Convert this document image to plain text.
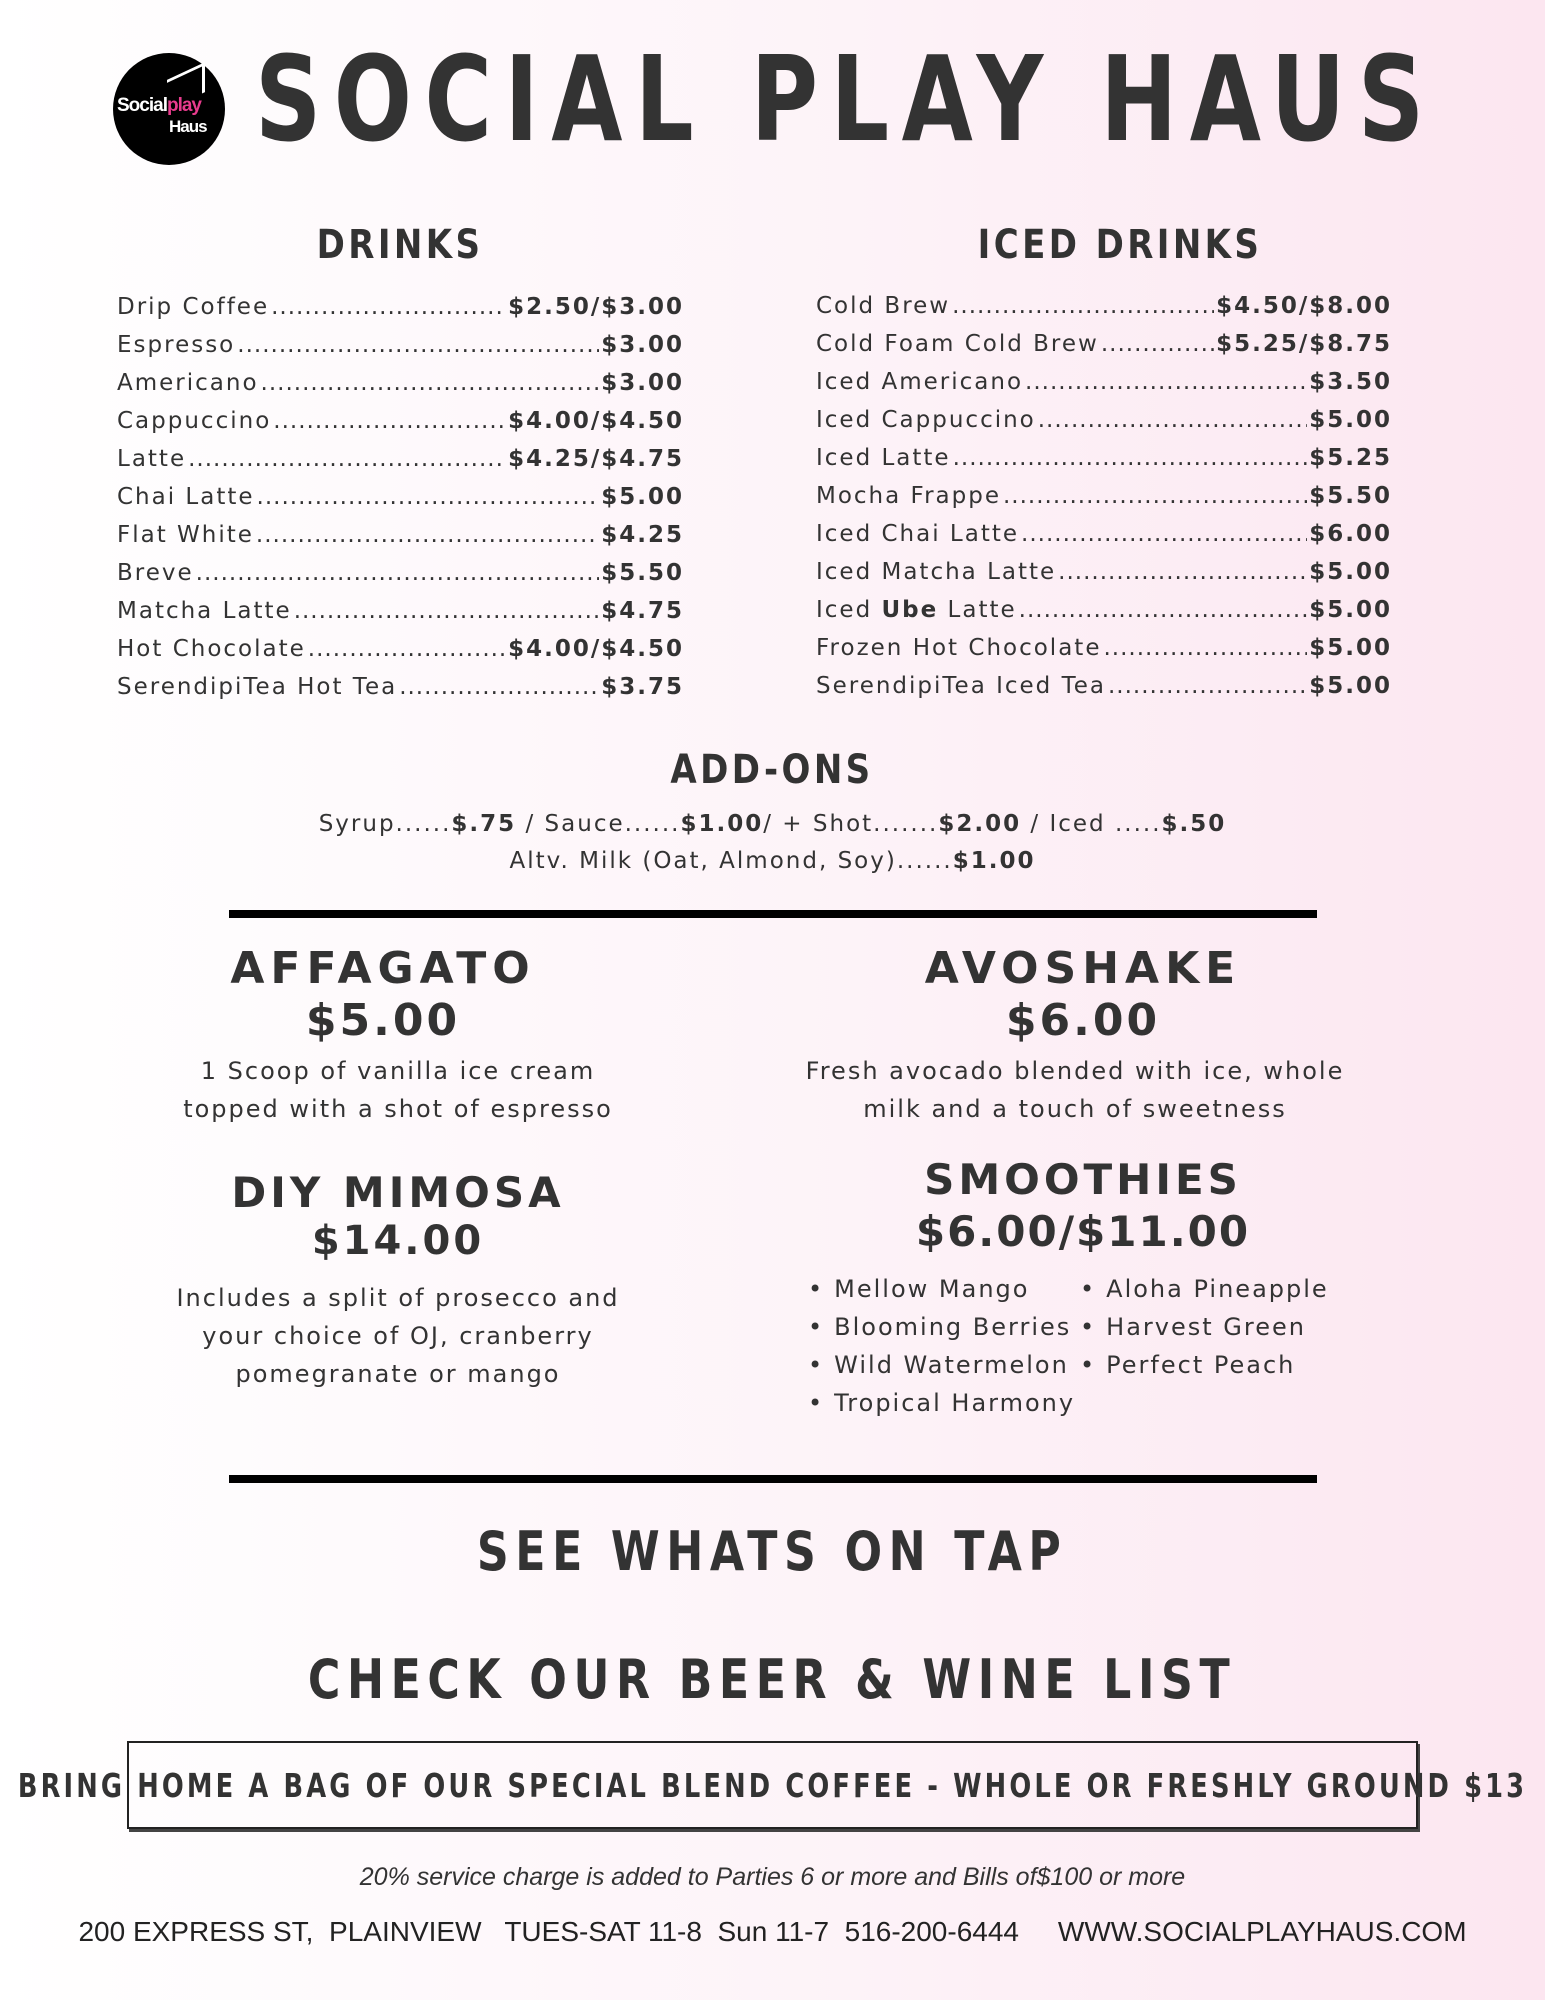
Socialplay
Haus SOCIAL PLAY HAUS
DRINKS
Drip Coffee .....	$2.50/$3.00
Espresso .....	$3.00
Americano .....	$3.00
Cappuccino .....	$4.00/$4.50
Latte .....	$4.25/$4.75
Chai Latte .....	$5.00
Flat White .....	$4.25
Breve .....	$5.50
Matcha Latte .....	$4.75
Hot Chocolate .....	$4.00/$4.50
SerendipiTea Hot Tea .....	$3.75
ICED DRINKS
Cold Brew .....	$4.50/$8.00
Cold Foam Cold Brew .....	$5.25/$8.75
Iced Americano .....	$3.50
Iced Cappuccino .....	$5.00
Iced Latte .....	$5.25
Mocha Frappe .....	$5.50
Iced Chai Latte .....	$6.00
Iced Matcha Latte .....	$5.00
Iced Ube Latte .....	$5.00
Frozen Hot Chocolate .....	$5.00
SerendipiTea Iced Tea .....	$5.00
ADD-ONS
Syrup......$.75 / Sauce......$1.00/ + Shot.......$2.00 / Iced .....$.50
Altv. Milk (Oat, Almond, Soy)......$1.00
AFFAGATO
$5.00
1 Scoop of vanilla ice cream
topped with a shot of espresso
AVOSHAKE
$6.00
Fresh avocado blended with ice, whole
milk and a touch of sweetness
DIY MIMOSA
$14.00
Includes a split of prosecco and
your choice of OJ, cranberry
pomegranate or mango
SMOOTHIES
$6.00/$11.00
• Mellow Mango
• Blooming Berries
• Wild Watermelon
• Tropical Harmony
• Aloha Pineapple
• Harvest Green
• Perfect Peach
SEE WHATS ON TAP
CHECK OUR BEER & WINE LIST
BRING HOME A BAG OF OUR SPECIAL BLEND COFFEE - WHOLE OR FRESHLY GROUND $13
20% service charge is added to Parties 6 or more and Bills of$100 or more
200 EXPRESS ST,  PLAINVIEW   TUES-SAT 11-8  Sun 11-7  516-200-6444     WWW.SOCIALPLAYHAUS.COM
